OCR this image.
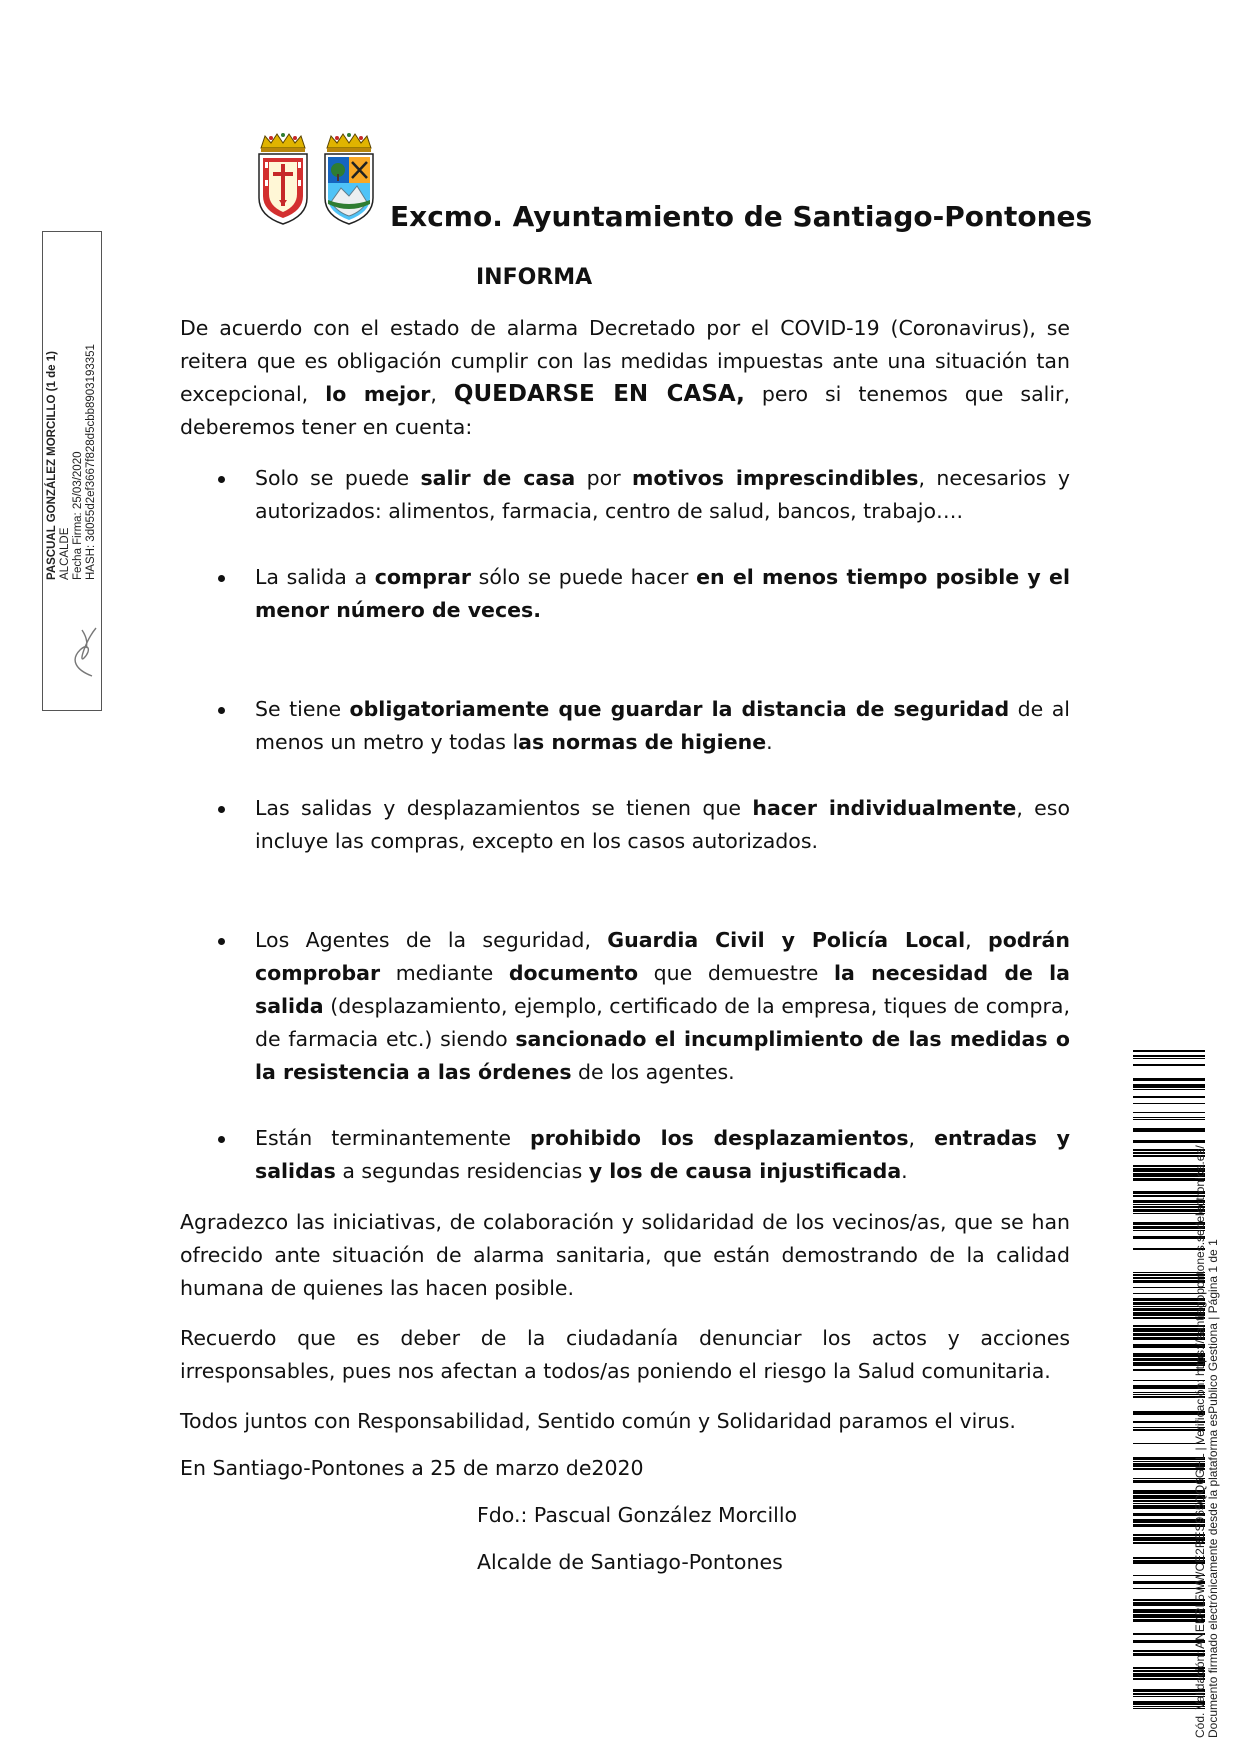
Excmo. Ayuntamiento de Santiago-Pontones
INFORMA

De acuerdo con el estado de alarma Decretado por el COVID-19 (Coronavirus), se reitera que es obligación cumplir con las medidas impuestas ante una situación tan excepcional, lo mejor, QUEDARSE EN CASA, pero si tenemos que salir, deberemos tener en cuenta:

Solo se puede salir de casa por motivos imprescindibles, necesarios y autorizados: alimentos, farmacia, centro de salud, bancos, trabajo….
La salida a comprar sólo se puede hacer en el menos tiempo posible y el menor número de veces.
Se tiene obligatoriamente que guardar la distancia de seguridad de al menos un metro y todas las normas de higiene.
Las salidas y desplazamientos se tienen que hacer individualmente, eso incluye las compras, excepto en los casos autorizados.
Los Agentes de la seguridad, Guardia Civil y Policía Local, podrán comprobar mediante documento que demuestre la necesidad de la salida (desplazamiento, ejemplo, certificado de la empresa, tiques de compra, de farmacia etc.) siendo sancionado el incumplimiento de las medidas o la resistencia a las órdenes de los agentes.
Están terminantemente prohibido los desplazamientos, entradas y salidas a segundas residencias y los de causa injustificada.

Agradezco las iniciativas, de colaboración y solidaridad de los vecinos/as, que se han ofrecido ante situación de alarma sanitaria, que están demostrando de la calidad humana de quienes las hacen posible.

Recuerdo que es deber de la ciudadanía denunciar los actos y acciones irresponsables, pues nos afectan a todos/as poniendo el riesgo la Salud comunitaria.

Todos juntos con Responsabilidad, Sentido común y Solidaridad paramos el virus.

En Santiago-Pontones a 25 de marzo de2020

Fdo.: Pascual González Morcillo

Alcalde de Santiago-Pontones

PASCUAL GONZÁLEZ MORCILLO (1 de 1) ALCALDE Fecha Firma: 25/03/2020 HASH: 3d055d2ef3667f828d5cbb8903193351
Cód. Validación: ANEKRL5WWCE2RES965QQ6GHL | Verificación: https://santiagopontones.sedelectronica.es/ Documento firmado electrónicamente desde la plataforma esPublico Gestiona | Página 1 de 1
